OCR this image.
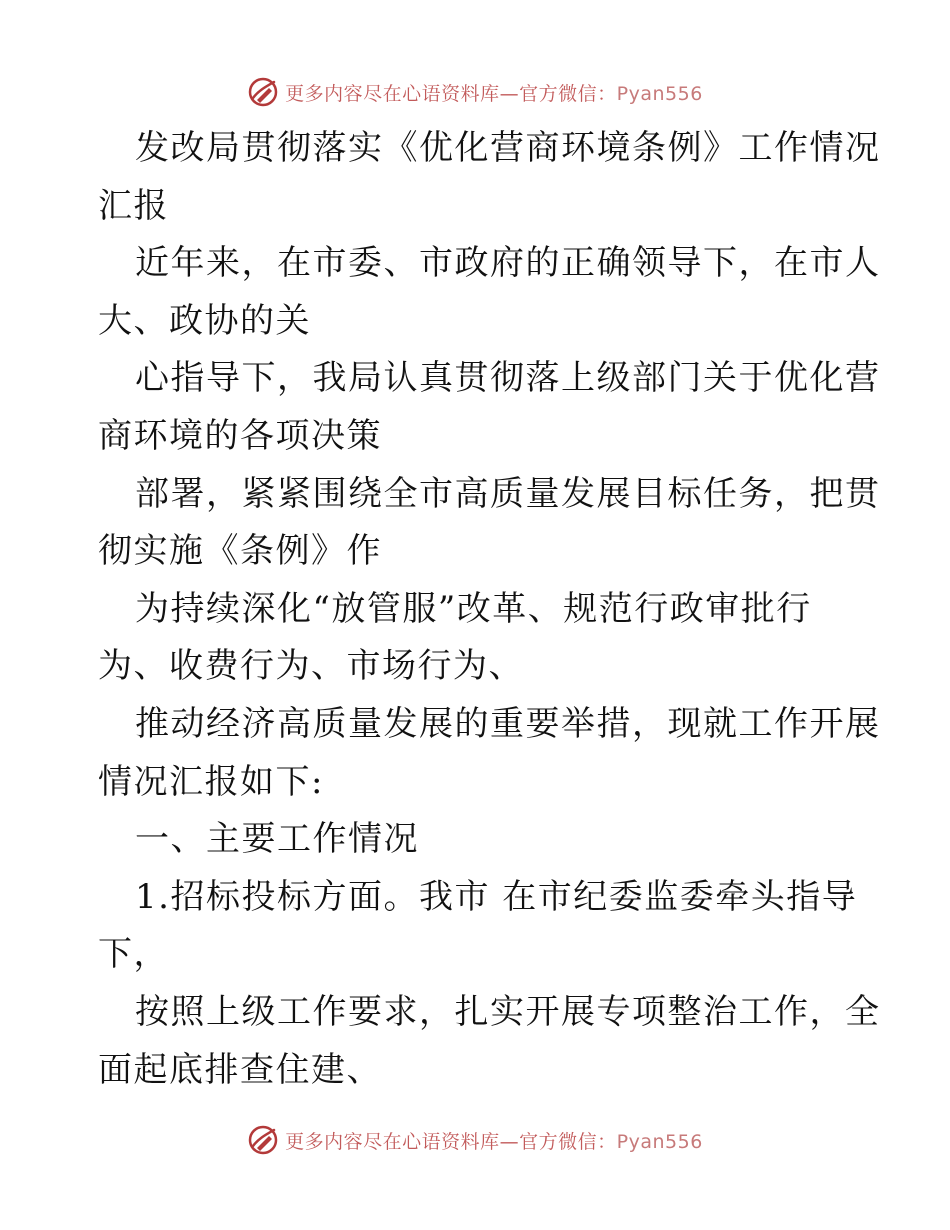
更多内容尽在心语资料库—官方微信：Pyan556
发改局贯彻落实《优化营商环境条例》工作情况
汇报
近年来，在市委、市政府的正确领导下，在市人
大、政协的关
心指导下，我局认真贯彻落上级部门关于优化营
商环境的各项决策
部署，紧紧围绕全市高质量发展目标任务，把贯
彻实施《条例》作
为持续深化“放管服”改革、规范行政审批行
为、收费行为、市场行为、
推动经济高质量发展的重要举措，现就工作开展
情况汇报如下:
一、主要工作情况
1.招标投标方面。我市 在市纪委监委牵头指导
下，
按照上级工作要求，扎实开展专项整治工作，全
面起底排查住建、
更多内容尽在心语资料库—官方微信：Pyan556
